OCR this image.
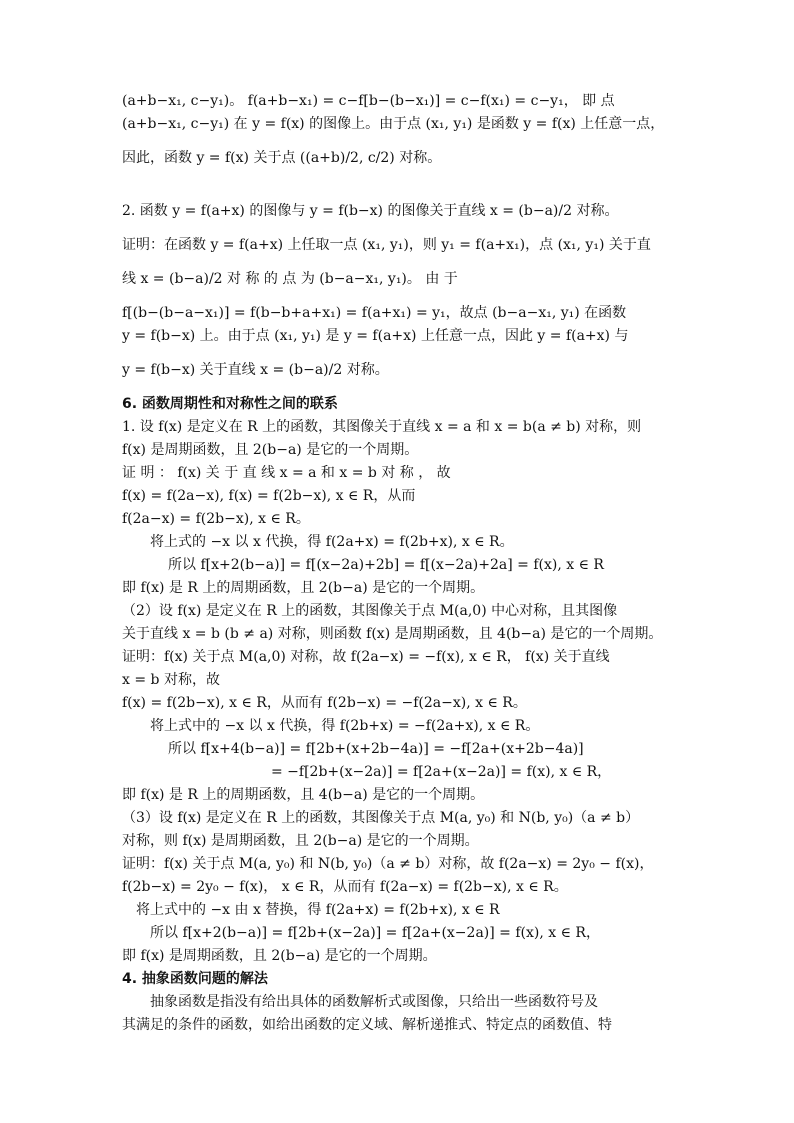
(a+b−x₁, c−y₁)。 f(a+b−x₁) = c−f[b−(b−x₁)] = c−f(x₁) = c−y₁， 即 点
(a+b−x₁, c−y₁) 在 y = f(x) 的图像上。由于点 (x₁, y₁) 是函数 y = f(x) 上任意一点，
因此，函数 y = f(x) 关于点 ((a+b)/2, c/2) 对称。
2. 函数 y = f(a+x) 的图像与 y = f(b−x) 的图像关于直线 x = (b−a)/2 对称。
证明：在函数 y = f(a+x) 上任取一点 (x₁, y₁)，则 y₁ = f(a+x₁)，点 (x₁, y₁) 关于直
线 x = (b−a)/2 对 称 的 点 为 (b−a−x₁, y₁)。 由 于
f[(b−(b−a−x₁)] = f(b−b+a+x₁) = f(a+x₁) = y₁，故点 (b−a−x₁, y₁) 在函数
y = f(b−x) 上。由于点 (x₁, y₁) 是 y = f(a+x) 上任意一点，因此 y = f(a+x) 与
y = f(b−x) 关于直线 x = (b−a)/2 对称。
6. 函数周期性和对称性之间的联系
1. 设 f(x) 是定义在 R 上的函数，其图像关于直线 x = a 和 x = b(a ≠ b) 对称，则
f(x) 是周期函数，且 2(b−a) 是它的一个周期。
证 明 ： f(x) 关 于 直 线 x = a 和 x = b 对 称 ， 故
f(x) = f(2a−x), f(x) = f(2b−x), x ∈ R，从而
f(2a−x) = f(2b−x), x ∈ R。
将上式的 −x 以 x 代换，得 f(2a+x) = f(2b+x), x ∈ R。
所以 f[x+2(b−a)] = f[(x−2a)+2b] = f[(x−2a)+2a] = f(x), x ∈ R
即 f(x) 是 R 上的周期函数，且 2(b−a) 是它的一个周期。
（2）设 f(x) 是定义在 R 上的函数，其图像关于点 M(a,0) 中心对称，且其图像
关于直线 x = b (b ≠ a) 对称，则函数 f(x) 是周期函数，且 4(b−a) 是它的一个周期。
证明：f(x) 关于点 M(a,0) 对称，故 f(2a−x) = −f(x), x ∈ R， f(x) 关于直线
x = b 对称，故
f(x) = f(2b−x), x ∈ R，从而有 f(2b−x) = −f(2a−x), x ∈ R。
将上式中的 −x 以 x 代换，得 f(2b+x) = −f(2a+x), x ∈ R。
所以 f[x+4(b−a)] = f[2b+(x+2b−4a)] = −f[2a+(x+2b−4a)]
= −f[2b+(x−2a)] = f[2a+(x−2a)] = f(x), x ∈ R，
即 f(x) 是 R 上的周期函数，且 4(b−a) 是它的一个周期。
（3）设 f(x) 是定义在 R 上的函数，其图像关于点 M(a, y₀) 和 N(b, y₀)（a ≠ b）
对称，则 f(x) 是周期函数，且 2(b−a) 是它的一个周期。
证明：f(x) 关于点 M(a, y₀) 和 N(b, y₀)（a ≠ b）对称，故 f(2a−x) = 2y₀ − f(x)，
f(2b−x) = 2y₀ − f(x)， x ∈ R，从而有 f(2a−x) = f(2b−x), x ∈ R。
将上式中的 −x 由 x 替换，得 f(2a+x) = f(2b+x), x ∈ R
所以 f[x+2(b−a)] = f[2b+(x−2a)] = f[2a+(x−2a)] = f(x), x ∈ R，
即 f(x) 是周期函数，且 2(b−a) 是它的一个周期。
4. 抽象函数问题的解法
抽象函数是指没有给出具体的函数解析式或图像，只给出一些函数符号及
其满足的条件的函数，如给出函数的定义域、解析递推式、特定点的函数值、特
